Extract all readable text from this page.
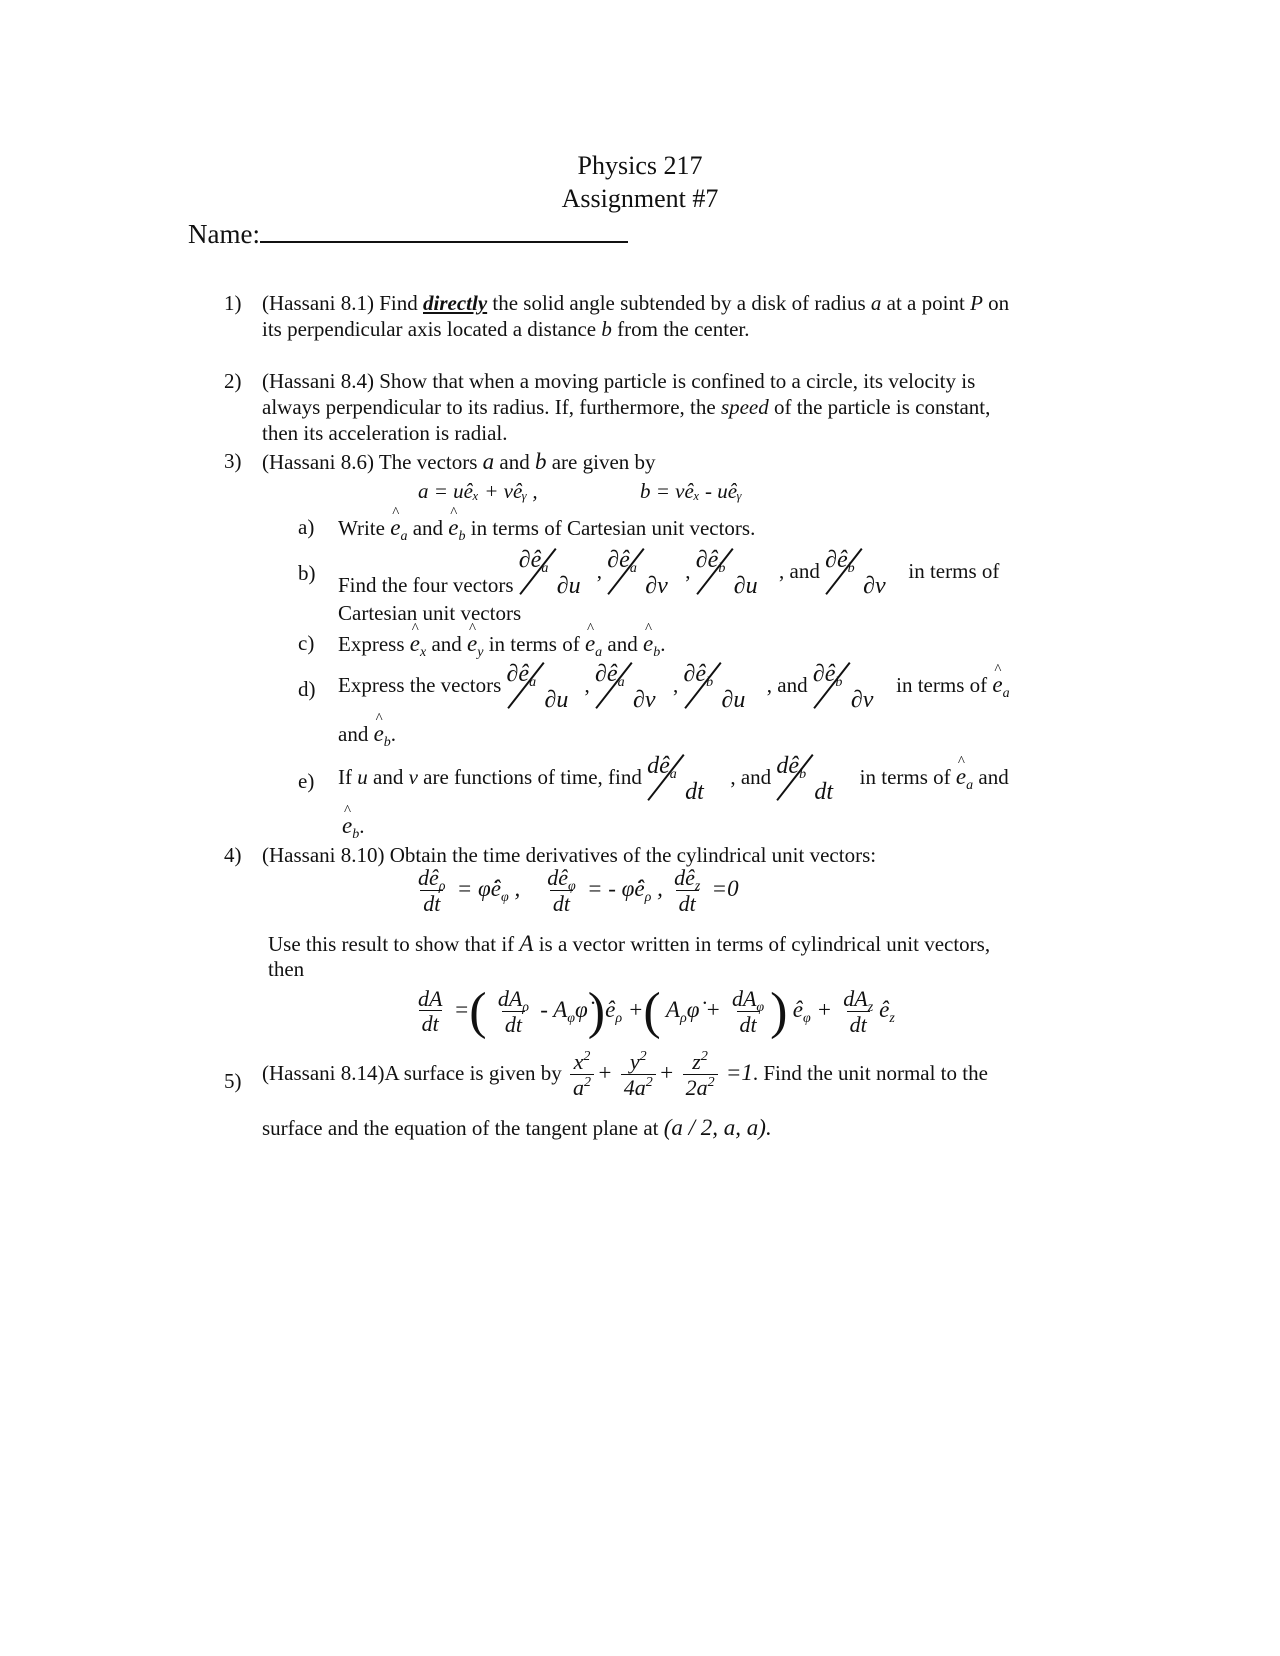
Physics 217
Assignment #7
Name:
1) (Hassani 8.1) Find directly the solid angle subtended by a disk of radius a at a point P on
its perpendicular axis located a distance b from the center.
2) (Hassani 8.4) Show that when a moving particle is confined to a circle, its velocity is
always perpendicular to its radius. If, furthermore, the speed of the particle is constant,
then its acceleration is radial.
3) (Hassani 8.6) The vectors a and b are given by
a = uêₓ + vêᵧ ,	b = vêₓ - uêᵧ
a) Write ^ $e_a$ and ^ $e_b$ in terms of Cartesian unit vectors.
b) Find the four vectors
$\partial ê_a$
∂u
, $\partial ê_a$
∂v
, $\partial ê_b$
∂u
, and $\partial ê_b$
∂v
in terms of
Cartesian unit vectors
c) Express ^ $e_x$ and ^ $e_y$ in terms of ^ $e_a$ and ^ $e_b$.
d) Express the vectors $\partial ê_a$
∂u
, $\partial ê_a$
∂v
, $\partial ê_b$
∂u
, and $\partial ê_b$
∂v
in terms of ^ $e_a$
and ^ $e_b$.
e) If u and v are functions of time, find $dê_a$
dt
, and $dê_b$
dt
in terms of ^ $e_a$ and
^ $e_b$.
4) (Hassani 8.10) Obtain the time derivatives of the cylindrical unit vectors:
$\frac{dê_\rho}{dt}$ = $\varphi̇ê_\varphi$ , $\frac{dê_\varphi}{dt}$ = - $\varphi̇ê_\rho$ , $\frac{dê_z}{dt} =0$
Use this result to show that if A is a vector written in terms of cylindrical unit vectors,
then
$\frac{dA}{dt}$ =( $\frac{dA_\rho}{dt}$ - $A_\varphi\varphi̇)ê_\rho$ +( $A_\rho\varphi̇ + \frac{dA_\varphi}{dt}$ ) $ê_\varphi + \frac{dA_z}{dt}$ $ê_z$
5) (Hassani 8.14)A surface is given by $\frac{x^2}{a^2} + \frac{y^2}{4a^2} + \frac{z^2}{2a^2} =1$. Find the unit normal to the
surface and the equation of the tangent plane at (a / 2, a, a).
